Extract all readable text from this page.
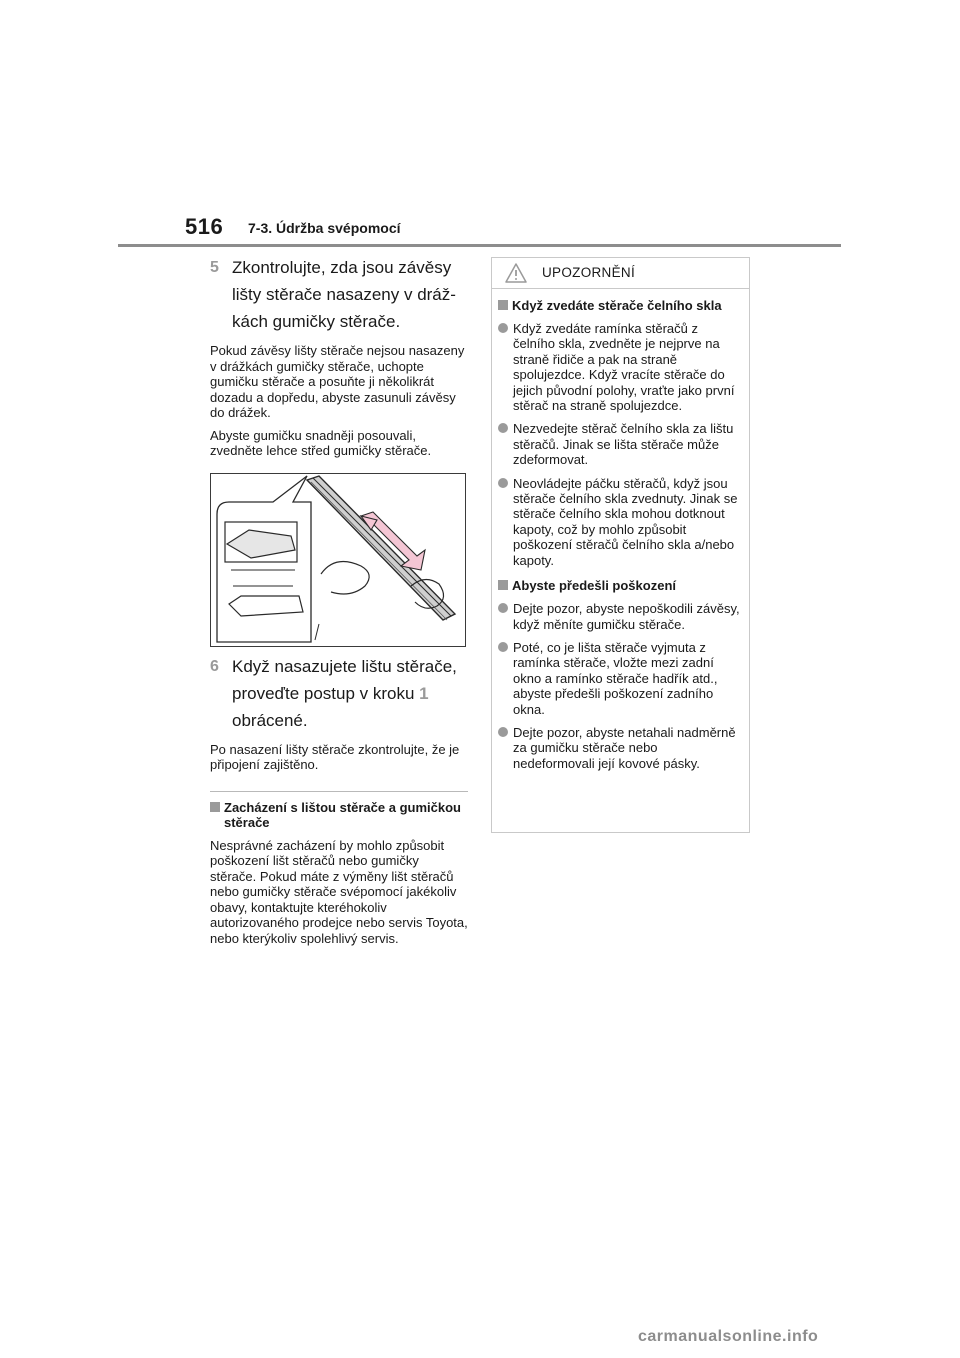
516 7-3. Údržba svépomocí
5 Zkontrolujte, zda jsou závěsy lišty stěrače nasazeny v drážkách gumičky stěrače.
Pokud závěsy lišty stěrače nejsou nasazeny v drážkách gumičky stěrače, uchopte gumičku stěrače a posuňte ji několikrát dozadu a dopředu, abyste zasunuli závěsy do drážek.
Abyste gumičku snadněji posouvali, zvedněte lehce střed gumičky stěrače.
6 Když nasazujete lištu stěrače, proveďte postup v kroku 1 obrácené.
Po nasazení lišty stěrače zkontrolujte, že je připojení zajištěno.
Zacházení s lištou stěrače a gumičkou stěrače
Nesprávné zacházení by mohlo způsobit poškození lišt stěračů nebo gumičky stěrače. Pokud máte z výměny lišt stěračů nebo gumičky stěrače svépomocí jakékoliv obavy, kontaktujte kteréhokoliv autorizovaného prodejce nebo servis Toyota, nebo kterýkoliv spolehlivý servis.
UPOZORNĚNÍ
Když zvedáte stěrače čelního skla
Když zvedáte ramínka stěračů z čelního skla, zvedněte je nejprve na straně řidiče a pak na straně spolujezdce. Když vracíte stěrače do jejich původní polohy, vraťte jako první stěrač na straně spolujezdce.
Nezvedejte stěrač čelního skla za lištu stěračů. Jinak se lišta stěrače může zdeformovat.
Neovládejte páčku stěračů, když jsou stěrače čelního skla zvednuty. Jinak se stěrače čelního skla mohou dotknout kapoty, což by mohlo způsobit poškození stěračů čelního skla a/nebo kapoty.
Abyste předešli poškození
Dejte pozor, abyste nepoškodili závěsy, když měníte gumičku stěrače.
Poté, co je lišta stěrače vyjmuta z ramínka stěrače, vložte mezi zadní okno a ramínko stěrače hadřík atd., abyste předešli poškození zadního okna.
Dejte pozor, abyste netahali nadměrně za gumičku stěrače nebo nedeformovali její kovové pásky.
carmanualsonline.info
